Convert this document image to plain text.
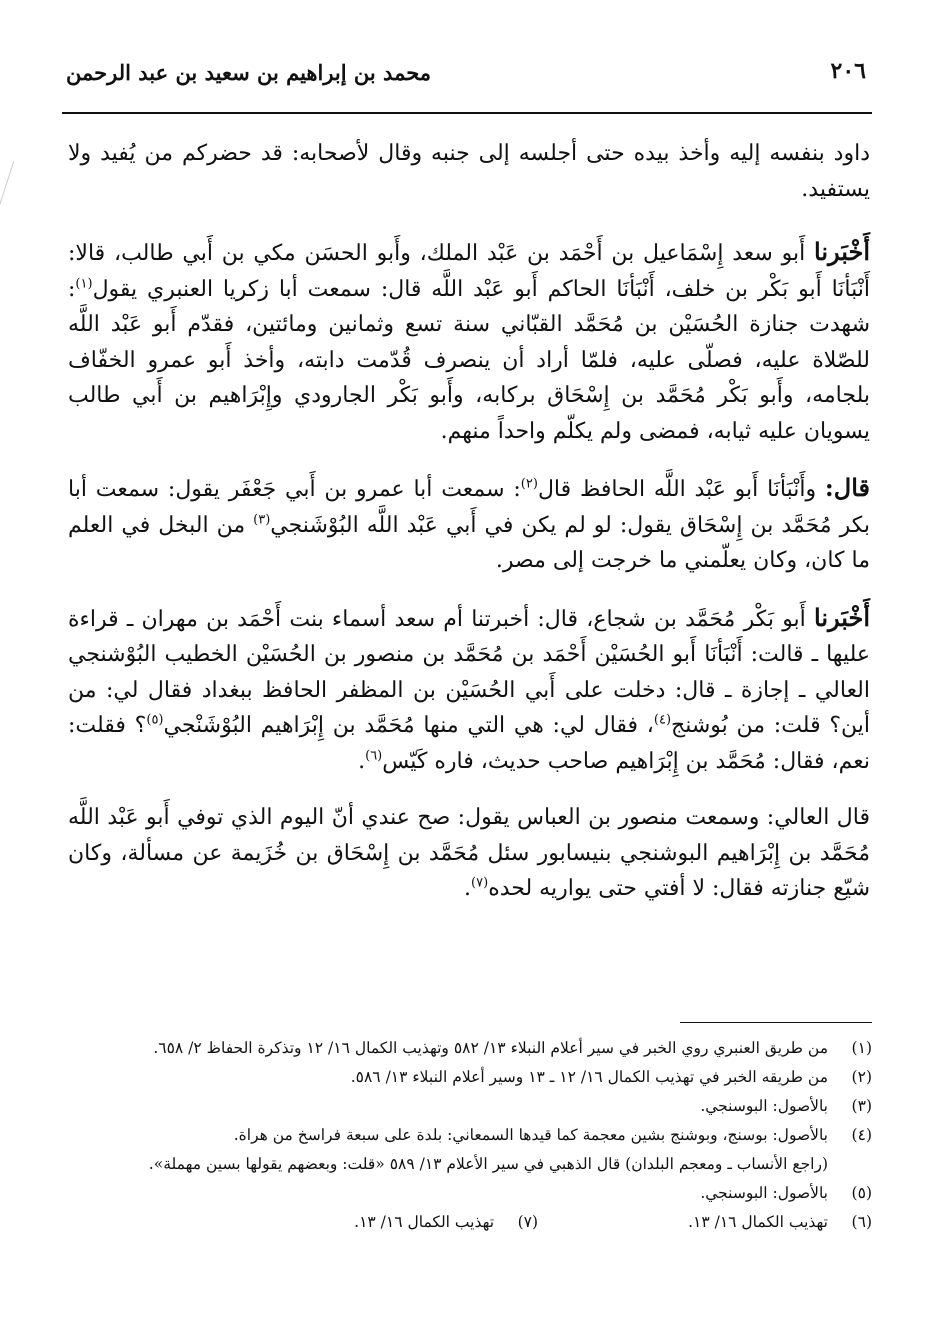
٢٠٦
محمد بن إبراهيم بن سعيد بن عبد الرحمن

داود بنفسه إليه وأخذ بيده حتى أجلسه إلى جنبه وقال لأصحابه: قد حضركم من يُفيد ولا يستفيد.

أَخْبَرنا أَبو سعد إِسْمَاعيل بن أَحْمَد بن عَبْد الملك، وأَبو الحسَن مكي بن أَبي طالب، قالا: أَنْبَأنَا أَبو بَكْر بن خلف، أَنْبَأنَا الحاكم أَبو عَبْد اللَّه قال: سمعت أبا زكريا العنبري يقول$^{(١)}$: شهدت جنازة الحُسَيْن بن مُحَمَّد القبّاني سنة تسع وثمانين ومائتين، فقدّم أَبو عَبْد اللَّه للصّلاة عليه، فصلّى عليه، فلمّا أراد أن ينصرف قُدّمت دابته، وأخذ أَبو عمرو الخفّاف بلجامه، وأَبو بَكْر مُحَمَّد بن إِسْحَاق بركابه، وأَبو بَكْر الجارودي وإِبْرَاهيم بن أَبي طالب يسويان عليه ثيابه، فمضى ولم يكلّم واحداً منهم.

قال: وأَنْبَأنَا أَبو عَبْد اللَّه الحافظ قال$^{(٢)}$: سمعت أبا عمرو بن أَبي جَعْفَر يقول: سمعت أبا بكر مُحَمَّد بن إِسْحَاق يقول: لو لم يكن في أَبي عَبْد اللَّه البُوْشَنجي$^{(٣)}$ من البخل في العلم ما كان، وكان يعلّمني ما خرجت إلى مصر.

أَخْبَرنا أَبو بَكْر مُحَمَّد بن شجاع، قال: أخبرتنا أم سعد أسماء بنت أَحْمَد بن مهران ـ قراءة عليها ـ قالت: أَنْبَأنَا أَبو الحُسَيْن أَحْمَد بن مُحَمَّد بن منصور بن الحُسَيْن الخطيب البُوْشنجي العالي ـ إجازة ـ قال: دخلت على أَبي الحُسَيْن بن المظفر الحافظ ببغداد فقال لي: من أين؟ قلت: من بُوشنج$^{(٤)}$، فقال لي: هي التي منها مُحَمَّد بن إِبْرَاهيم البُوْشَنْجي$^{(٥)}$؟ فقلت: نعم، فقال: مُحَمَّد بن إِبْرَاهيم صاحب حديث، فاره كَيّس$^{(٦)}$.

قال العالي: وسمعت منصور بن العباس يقول: صح عندي أنّ اليوم الذي توفي أَبو عَبْد اللَّه مُحَمَّد بن إِبْرَاهيم البوشنجي بنيسابور سئل مُحَمَّد بن إِسْحَاق بن خُزَيمة عن مسألة، وكان شيّع جنازته فقال: لا أفتي حتى يواريه لحده$^{(٧)}$.

(١)
من طريق العنبري روي الخبر في سير أعلام النبلاء ١٣/ ٥٨٢ وتهذيب الكمال ١٦/ ١٢ وتذكرة الحفاظ ٢/ ٦٥٨.
(٢)
من طريقه الخبر في تهذيب الكمال ١٦/ ١٢ ـ ١٣ وسير أعلام النبلاء ١٣/ ٥٨٦.
(٣)
بالأصول: البوسنجي.
(٤)
بالأصول: بوسنج، وبوشنج بشين معجمة كما قيدها السمعاني: بلدة على سبعة فراسخ من هراة.
(راجع الأنساب ـ ومعجم البلدان) قال الذهبي في سير الأعلام ١٣/ ٥٨٩ «قلت: وبعضهم يقولها بسين مهملة».
(٥)
بالأصول: البوسنجي.
(٦)
تهذيب الكمال ١٦/ ١٣.
(٧)
تهذيب الكمال ١٦/ ١٣.
